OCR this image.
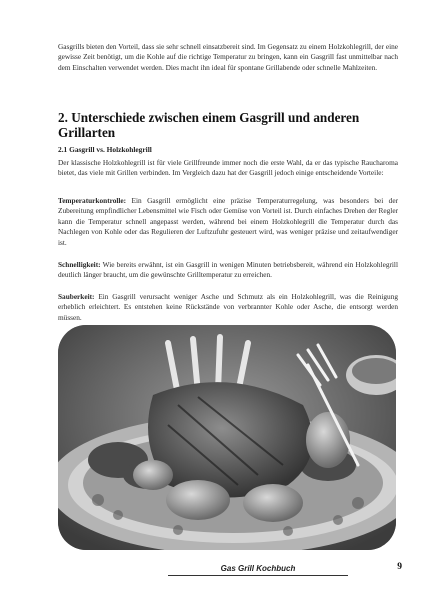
Gasgrills bieten den Vorteil, dass sie sehr schnell einsatzbereit sind. Im Gegensatz zu einem Holzkohlegrill, der eine gewisse Zeit benötigt, um die Kohle auf die richtige Temperatur zu bringen, kann ein Gasgrill fast unmittelbar nach dem Einschalten verwendet werden. Dies macht ihn ideal für spontane Grillabende oder schnelle Mahlzeiten.

2. Unterschiede zwischen einem Gasgrill und anderen Grillarten
2.1 Gasgrill vs. Holzkohlegrill

Der klassische Holzkohlegrill ist für viele Grillfreunde immer noch die erste Wahl, da er das typische Raucharoma bietet, das viele mit Grillen verbinden. Im Vergleich dazu hat der Gasgrill jedoch einige entscheidende Vorteile:

Temperaturkontrolle: Ein Gasgrill ermöglicht eine präzise Temperaturregelung, was besonders bei der Zubereitung empfindlicher Lebensmittel wie Fisch oder Gemüse von Vorteil ist. Durch einfaches Drehen der Regler kann die Temperatur schnell angepasst werden, während bei einem Holzkohlegrill die Temperatur durch das Nachlegen von Kohle oder das Regulieren der Luftzufuhr gesteuert wird, was weniger präzise und zeitaufwendiger ist.

Schnelligkeit: Wie bereits erwähnt, ist ein Gasgrill in wenigen Minuten betriebsbereit, während ein Holzkohlegrill deutlich länger braucht, um die gewünschte Grilltemperatur zu erreichen.

Sauberkeit: Ein Gasgrill verursacht weniger Asche und Schmutz als ein Holzkohlegrill, was die Reinigung erheblich erleichtert. Es entstehen keine Rückstände von verbrannter Kohle oder Asche, die entsorgt werden müssen.

Gas Grill Kochbuch	9
